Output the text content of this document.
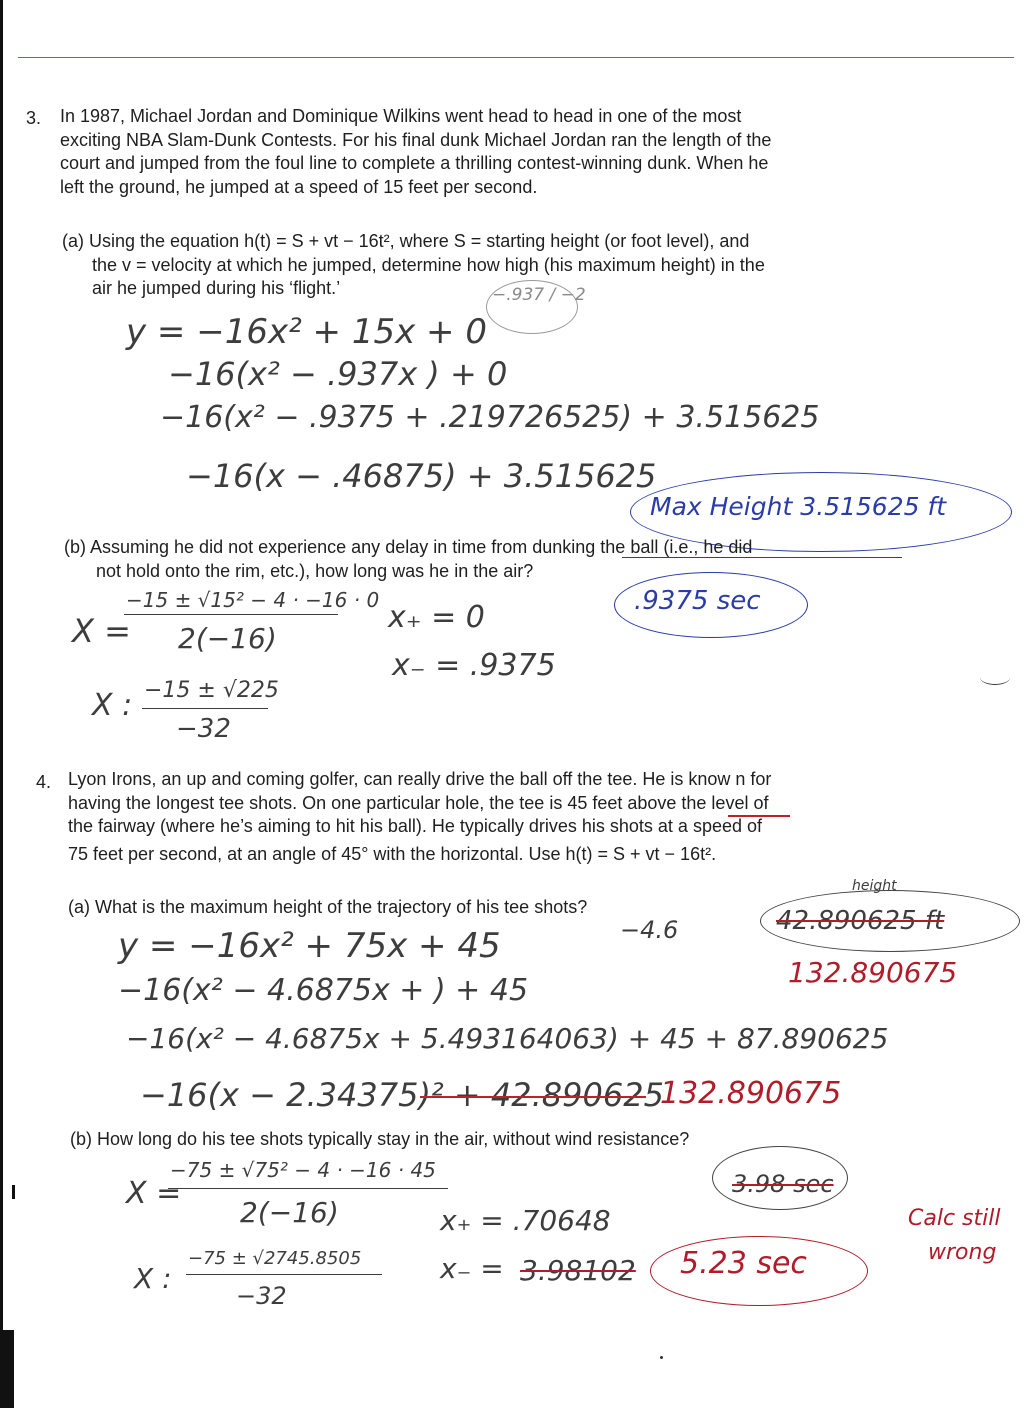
3. In 1987, Michael Jordan and Dominique Wilkins went head to head in one of the most
exciting NBA Slam-Dunk Contests. For his final dunk Michael Jordan ran the length of the
court and jumped from the foul line to complete a thrilling contest-winning dunk. When he
left the ground, he jumped at a speed of 15 feet per second.
(a) Using the equation h(t) = S + vt − 16t², where S = starting height (or foot level), and
the v = velocity at which he jumped, determine how high (his maximum height) in the
air he jumped during his ‘flight.’	−.937 / −2
y = −16x² + 15x + 0
−16(x² − .937x ) + 0
−16(x² − .9375 + .219726525) + 3.515625
−16(x − .46875) + 3.515625
Max Height 3.515625 ft
(b) Assuming he did not experience any delay in time from dunking the ball (i.e., he did
not hold onto the rim, etc.), how long was he in the air?
X =
−15 ± √15² − 4 · −16 · 0
2(−16)
X : −15 ± √225
−32
x₊ = 0
x₋ = .9375
.9375 sec
4. Lyon Irons, an up and coming golfer, can really drive the ball off the tee. He is know n for
having the longest tee shots. On one particular hole, the tee is 45 feet above the level of
the fairway (where he’s aiming to hit his ball). He typically drives his shots at a speed of
75 feet per second, at an angle of 45° with the horizontal. Use h(t) = S + vt − 16t².
(a) What is the maximum height of the trajectory of his tee shots?
−4.6
height
42.890625 ft
132.890675
y = −16x² + 75x + 45
−16(x² − 4.6875x + ) + 45
−16(x² − 4.6875x + 5.493164063) + 45 + 87.890625
−16(x − 2.34375)² + 42.890625
132.890675
(b) How long do his tee shots typically stay in the air, without wind resistance?
X =
−75 ± √75² − 4 · −16 · 45
2(−16)
X :
−75 ± √2745.8505
−32
x₊ = .70648
x₋ = 3.98102
3.98 sec
5.23 sec
Calc still
wrong
